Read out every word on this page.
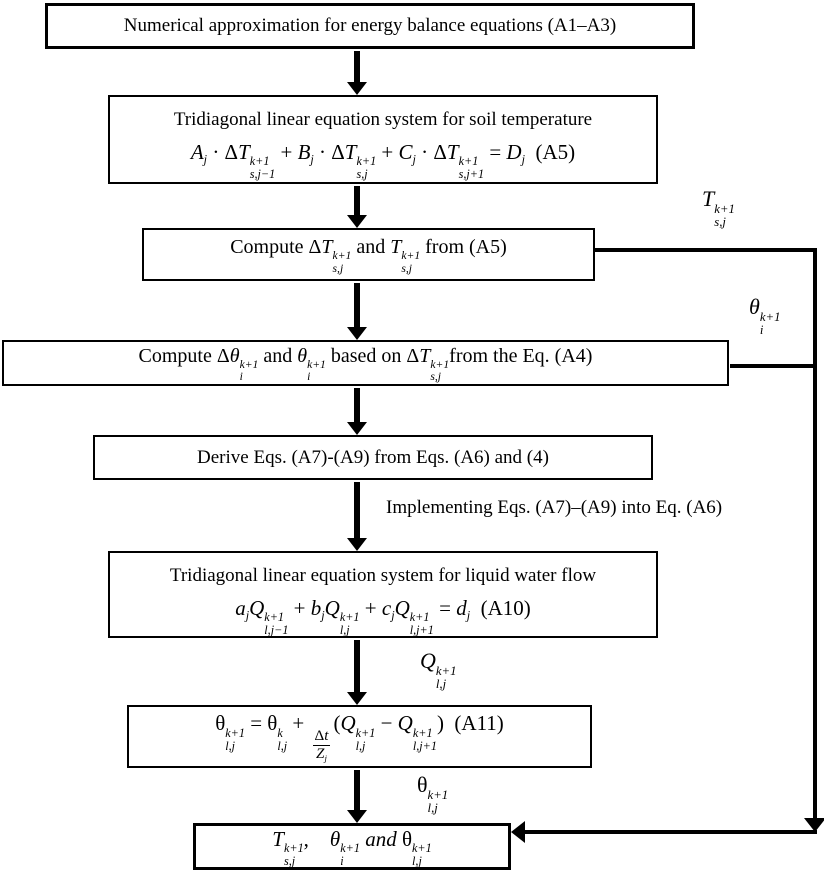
Numerical approximation for energy balance equations (A1–A3)
Tridiagonal linear equation system for soil temperature
$A_j \cdot \Delta T$ k+1
s,j−1
+ $B_j \cdot \Delta T$ k+1
s,j
+ $C_j \cdot \Delta T$ k+1
s,j+1
= $D_j$  (A5)
Compute ΔT k+1
s,j
and T k+1
s,j
from (A5)
Compute Δθ k+1
i
and θ k+1
i
based on ΔT k+1
s,j
from the Eq. (A4)
Derive Eqs. (A7)-(A9) from Eqs. (A6) and (4)
Implementing Eqs. (A7)–(A9) into Eq. (A6)
Tridiagonal linear equation system for liquid water flow
$a_jQ$ k+1
l,j−1
+ $b_jQ$ k+1
l,j
+ $c_jQ$ k+1
l,j+1
= $d_j$  (A10)
Q k+1
l,j
θ k+1
l,j
= θ k
l,j
+
$\frac{\Delta t}{Z_j}$
(Q k+1
l,j
− Q k+1
l,j+1
)  (A11)
θ k+1
l,j
T k+1
s,j
,    θ k+1
i
and θ k+1
l,j
T k+1
s,j
θ k+1
i
